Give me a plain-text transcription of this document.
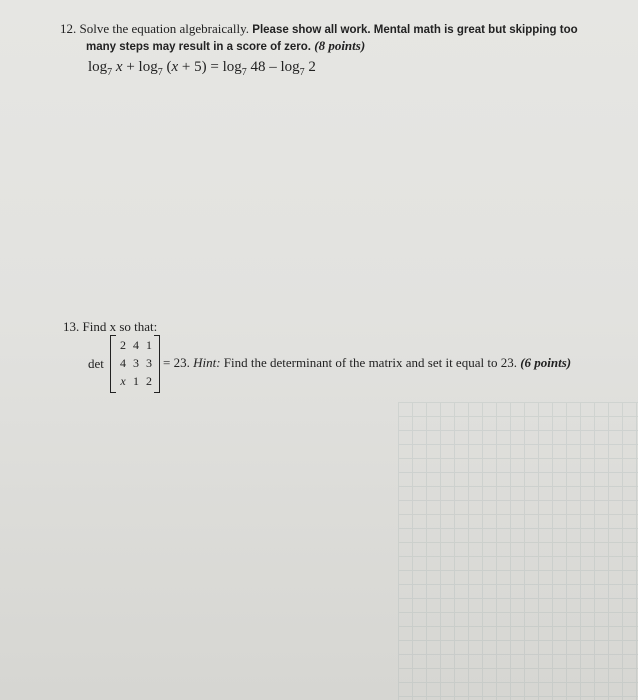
12. Solve the equation algebraically. Please show all work. Mental math is great but skipping too
many steps may result in a score of zero. (8 points)
$\log_7 x + \log_7 (x + 5) = \log_7 48 - \log_7 2$
13. Find x so that:
det
2 4 1
4 3 3
x 1 2
= 23. Hint: Find the determinant of the matrix and set it equal to 23. (6 points)
